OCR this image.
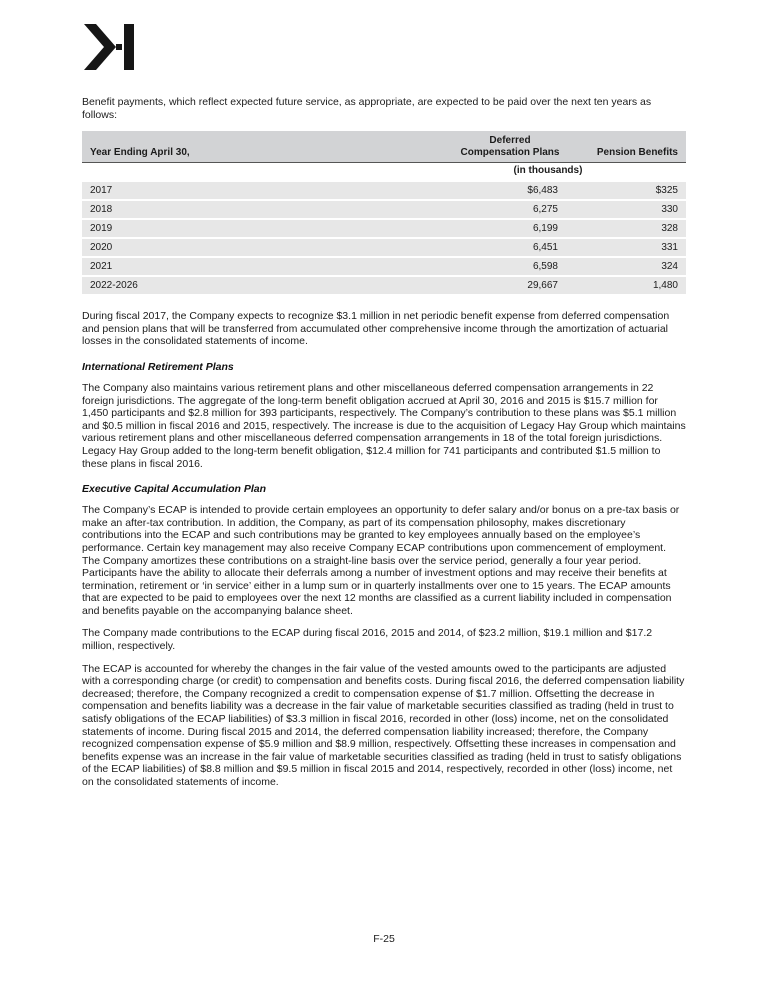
Benefit payments, which reflect expected future service, as appropriate, are expected to be paid over the next ten years as follows:

Deferred
Year Ending April 30,	Compensation Plans	Pension Benefits
(in thousands)
2017	$6,483	$325
2018	6,275	330
2019	6,199	328
2020	6,451	331
2021	6,598	324
2022-2026	29,667	1,480

During fiscal 2017, the Company expects to recognize $3.1 million in net periodic benefit expense from deferred compensation and pension plans that will be transferred from accumulated other comprehensive income through the amortization of actuarial losses in the consolidated statements of income.

International Retirement Plans

The Company also maintains various retirement plans and other miscellaneous deferred compensation arrangements in 22 foreign jurisdictions. The aggregate of the long-term benefit obligation accrued at April 30, 2016 and 2015 is $15.7 million for 1,450 participants and $2.8 million for 393 participants, respectively. The Company’s contribution to these plans was $5.1 million and $0.5 million in fiscal 2016 and 2015, respectively. The increase is due to the acquisition of Legacy Hay Group which maintains various retirement plans and other miscellaneous deferred compensation arrangements in 18 of the total foreign jurisdictions. Legacy Hay Group added to the long-term benefit obligation, $12.4 million for 741 participants and contributed $1.5 million to these plans in fiscal 2016.

Executive Capital Accumulation Plan

The Company’s ECAP is intended to provide certain employees an opportunity to defer salary and/or bonus on a pre-tax basis or make an after-tax contribution. In addition, the Company, as part of its compensation philosophy, makes discretionary contributions into the ECAP and such contributions may be granted to key employees annually based on the employee’s performance. Certain key management may also receive Company ECAP contributions upon commencement of employment. The Company amortizes these contributions on a straight-line basis over the service period, generally a four year period. Participants have the ability to allocate their deferrals among a number of investment options and may receive their benefits at termination, retirement or ‘in service’ either in a lump sum or in quarterly installments over one to 15 years. The ECAP amounts that are expected to be paid to employees over the next 12 months are classified as a current liability included in compensation and benefits payable on the accompanying balance sheet.

The Company made contributions to the ECAP during fiscal 2016, 2015 and 2014, of $23.2 million, $19.1 million and $17.2 million, respectively.

The ECAP is accounted for whereby the changes in the fair value of the vested amounts owed to the participants are adjusted with a corresponding charge (or credit) to compensation and benefits costs. During fiscal 2016, the deferred compensation liability decreased; therefore, the Company recognized a credit to compensation expense of $1.7 million. Offsetting the decrease in compensation and benefits liability was a decrease in the fair value of marketable securities classified as trading (held in trust to satisfy obligations of the ECAP liabilities) of $3.3 million in fiscal 2016, recorded in other (loss) income, net on the consolidated statements of income. During fiscal 2015 and 2014, the deferred compensation liability increased; therefore, the Company recognized compensation expense of $5.9 million and $8.9 million, respectively. Offsetting these increases in compensation and benefits expense was an increase in the fair value of marketable securities classified as trading (held in trust to satisfy obligations of the ECAP liabilities) of $8.8 million and $9.5 million in fiscal 2015 and 2014, respectively, recorded in other (loss) income, net on the consolidated statements of income.

F-25
